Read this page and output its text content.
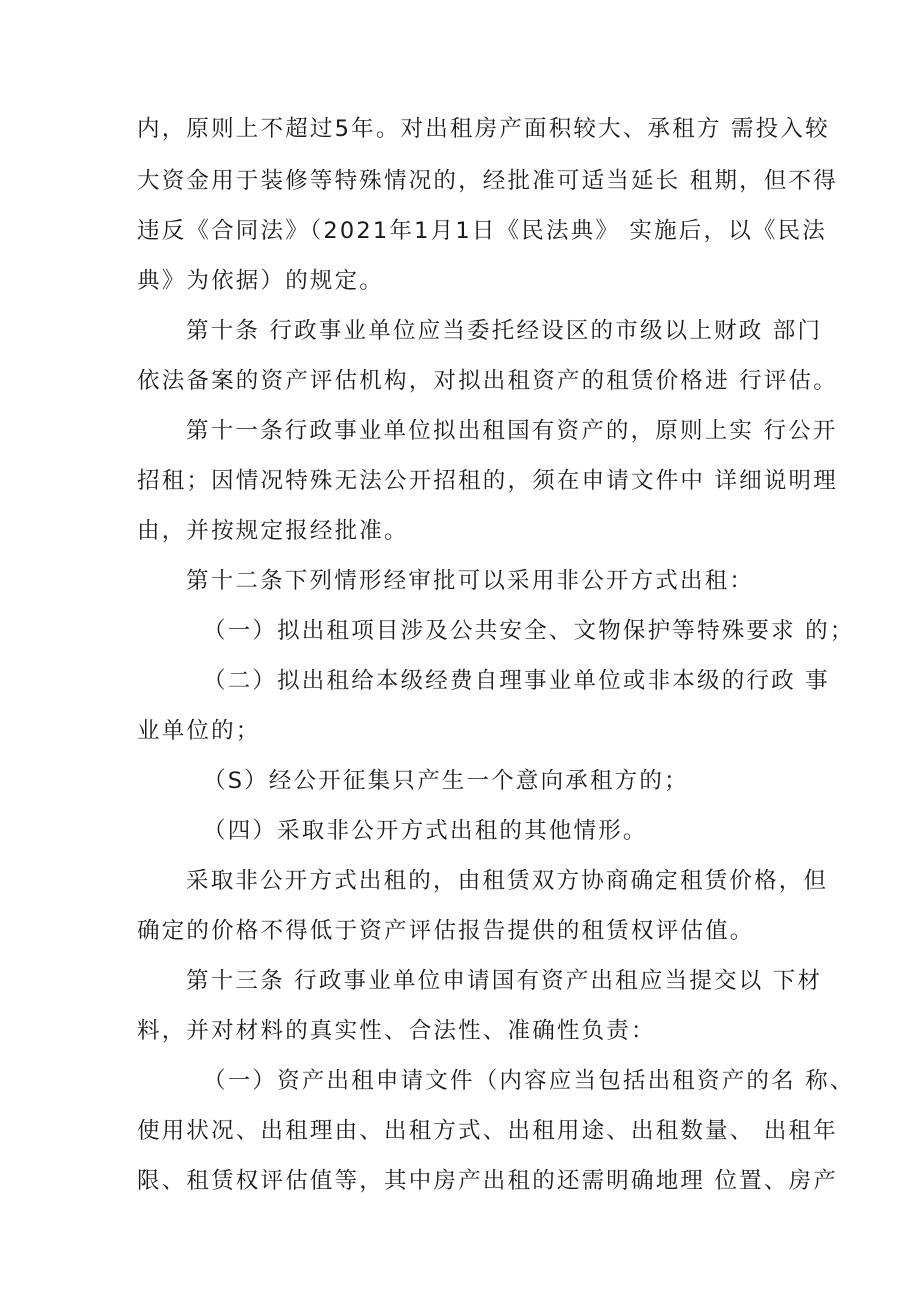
内，原则上不超过5年。对出租房产面积较大、承租方 需投入较
大资金用于装修等特殊情况的，经批准可适当延长 租期，但不得
违反《合同法》（2021年1月1日《民法典》 实施后，以《民法
典》为依据）的规定。
第十条 行政事业单位应当委托经设区的市级以上财政 部门
依法备案的资产评估机构，对拟出租资产的租赁价格进 行评估。
第十一条行政事业单位拟出租国有资产的，原则上实 行公开
招租；因情况特殊无法公开招租的，须在申请文件中 详细说明理
由，并按规定报经批准。
第十二条下列情形经审批可以采用非公开方式出租：
（一）拟出租项目涉及公共安全、文物保护等特殊要求 的；
（二）拟出租给本级经费自理事业单位或非本级的行政 事
业单位的；
（S）经公开征集只产生一个意向承租方的；
（四）采取非公开方式出租的其他情形。
采取非公开方式出租的，由租赁双方协商确定租赁价格，但
确定的价格不得低于资产评估报告提供的租赁权评估值。
第十三条 行政事业单位申请国有资产出租应当提交以 下材
料，并对材料的真实性、合法性、准确性负责：
（一）资产出租申请文件（内容应当包括出租资产的名 称、
使用状况、出租理由、出租方式、出租用途、出租数量、 出租年
限、租赁权评估值等，其中房产出租的还需明确地理 位置、房产
